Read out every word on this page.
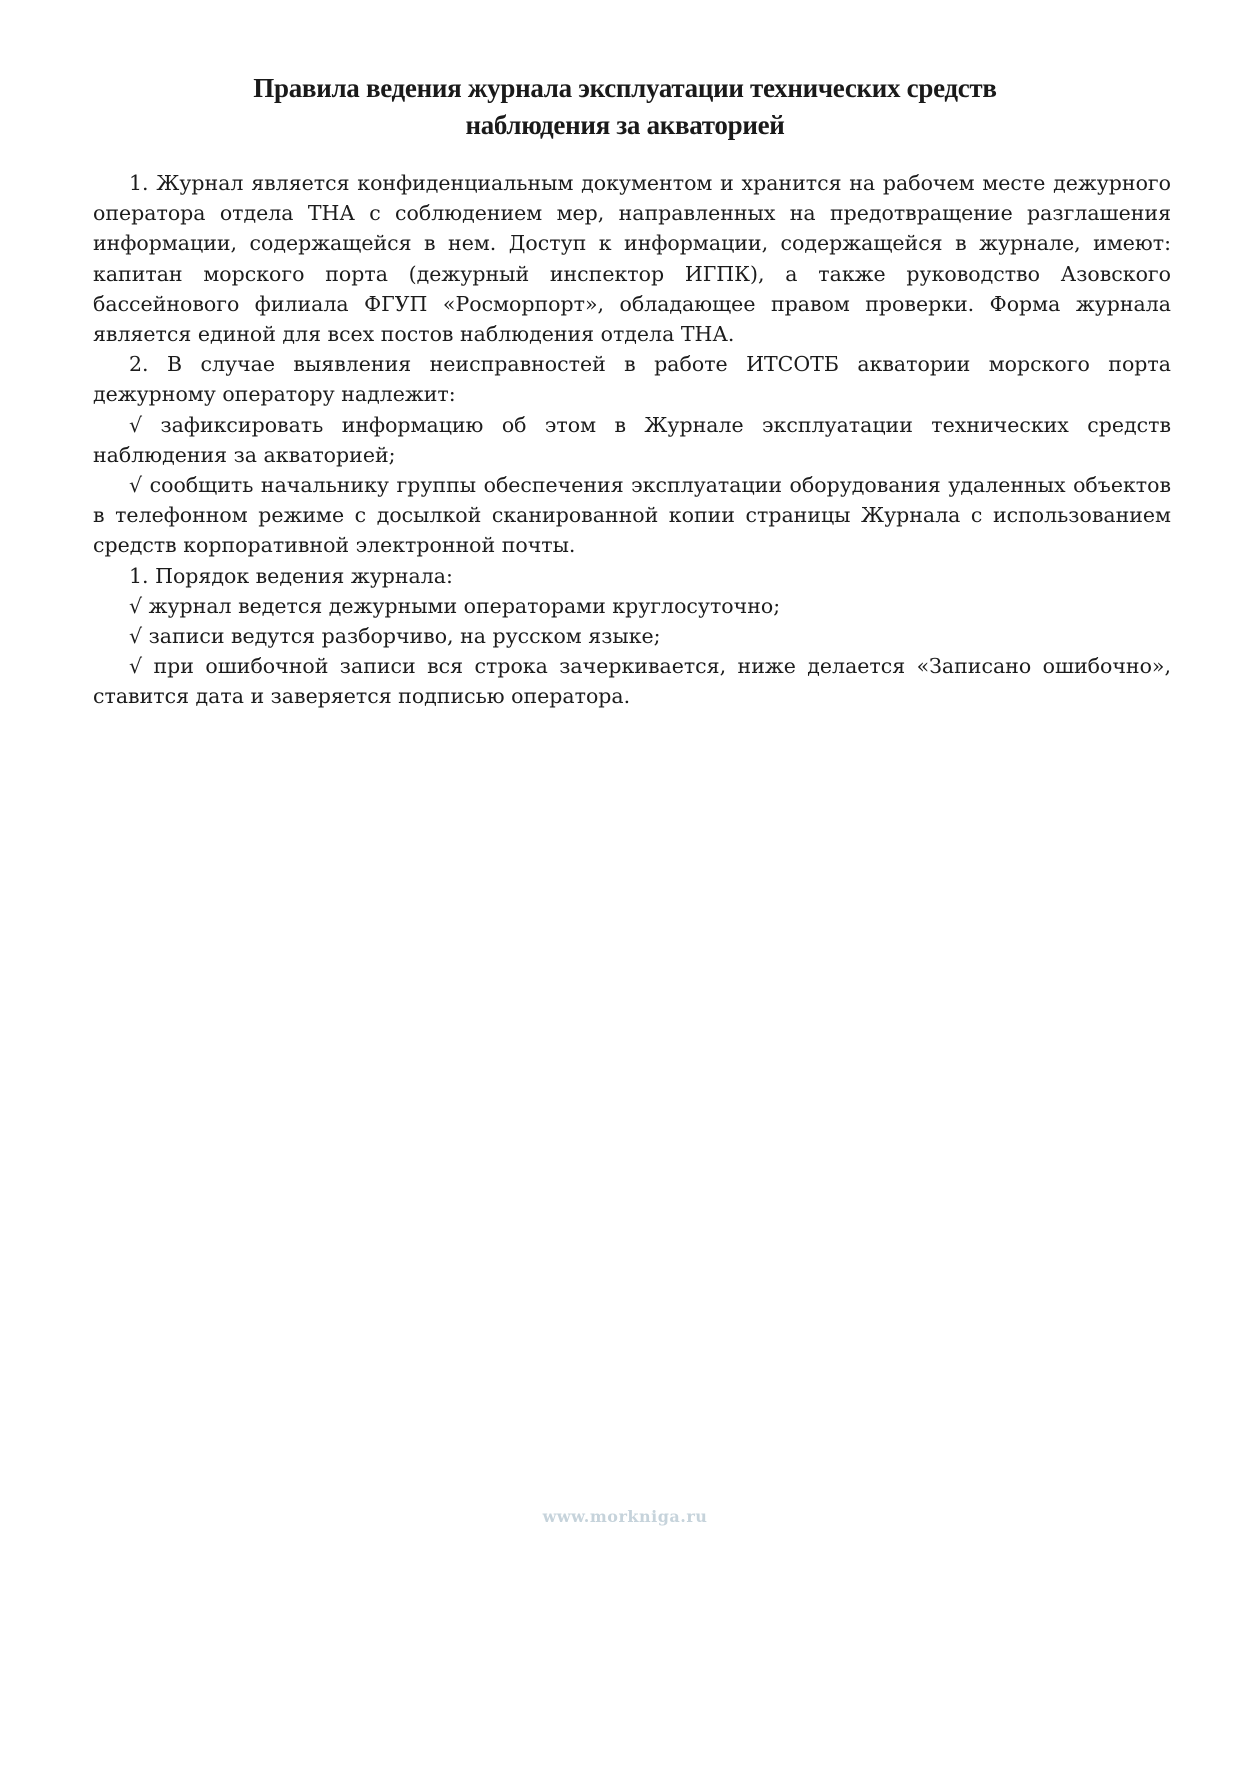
Правила ведения журнала эксплуатации технических средств
наблюдения за акваторией

1. Журнал является конфиденциальным документом и хранится на рабочем месте дежурного оператора отдела ТНА с соблюдением мер, направленных на предотвращение разглашения информации, содержащейся в нем. Доступ к информации, содержащейся в журнале, имеют: капитан морского порта (дежурный инспектор ИГПК), а также руководство Азовского бассейнового филиала ФГУП «Росморпорт», обладающее правом проверки. Форма журнала является единой для всех постов наблюдения отдела ТНА.

2. В случае выявления неисправностей в работе ИТСОТБ акватории морского порта дежурному оператору надлежит:

√ зафиксировать информацию об этом в Журнале эксплуатации технических средств наблюдения за акваторией;

√ сообщить начальнику группы обеспечения эксплуатации оборудования удаленных объектов в телефонном режиме с досылкой сканированной копии страницы Журнала с использованием средств корпоративной электронной почты.

1. Порядок ведения журнала:

√ журнал ведется дежурными операторами круглосуточно;

√ записи ведутся разборчиво, на русском языке;

√ при ошибочной записи вся строка зачеркивается, ниже делается «Записано ошибочно», ставится дата и заверяется подписью оператора.

www.morkniga.ru
